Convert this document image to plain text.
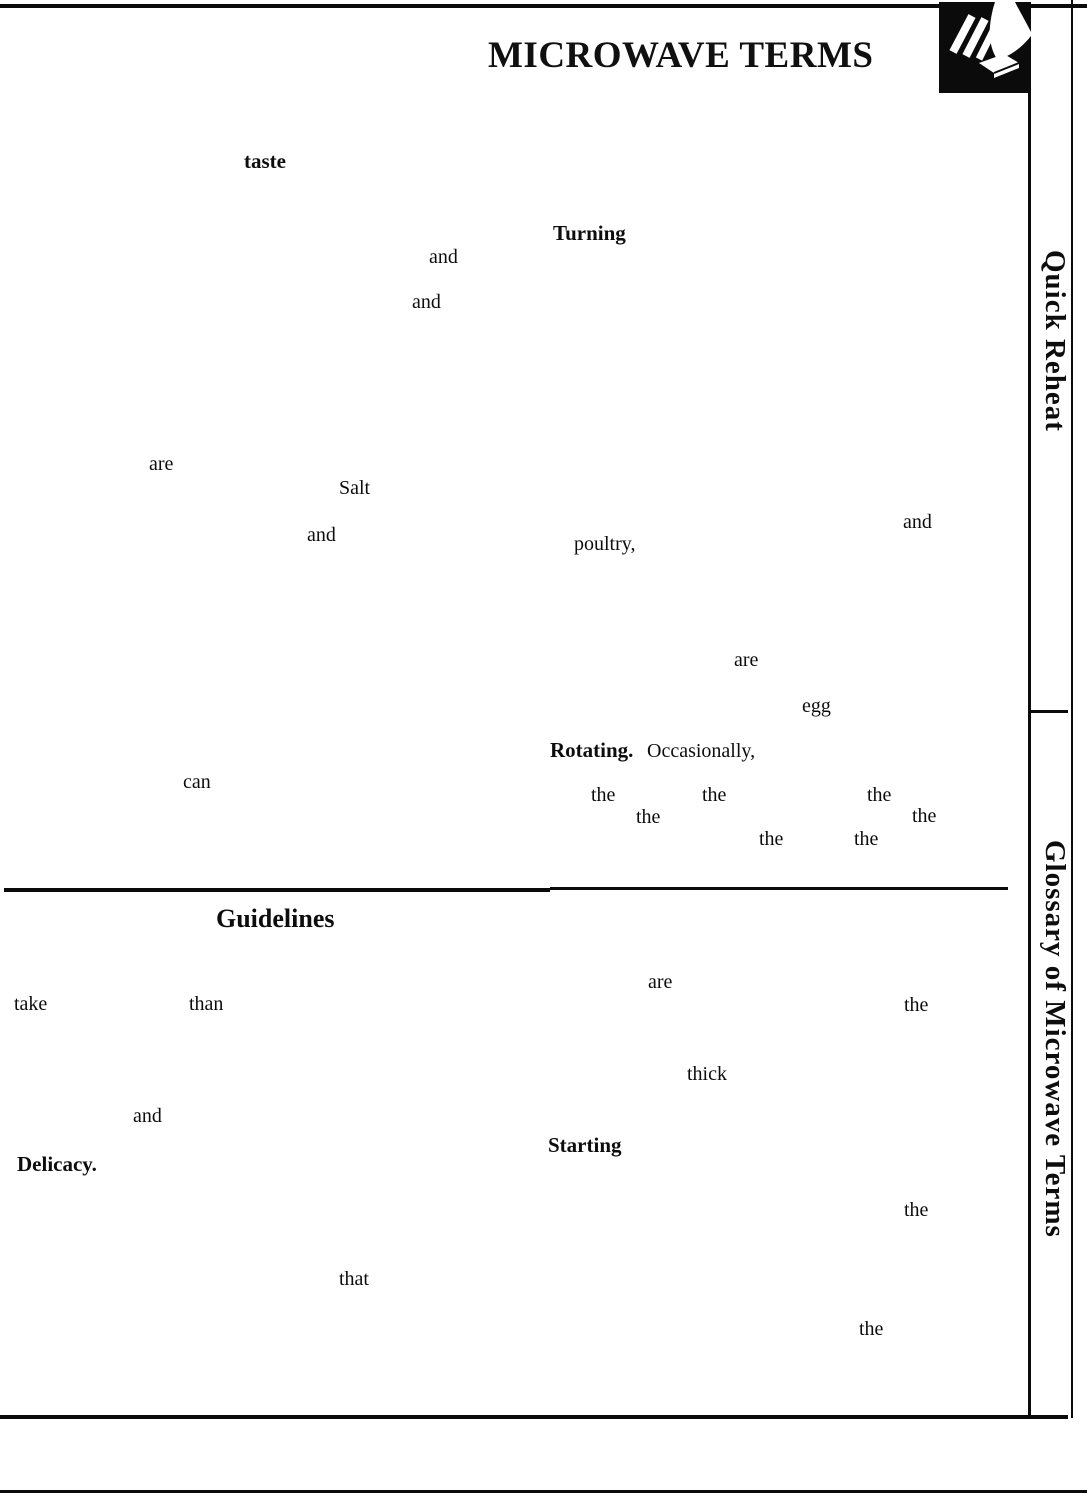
MICROWAVE TERMS
Quick Reheat
Glossary of Microwave Terms
taste
Turning
and
and
are
Salt
and
and
poultry,
are
egg
Rotating. Occasionally,
can
the	the	the
the	the
the	the
Guidelines
are
take	than	the
thick
and
Starting
Delicacy.
the
that
the
